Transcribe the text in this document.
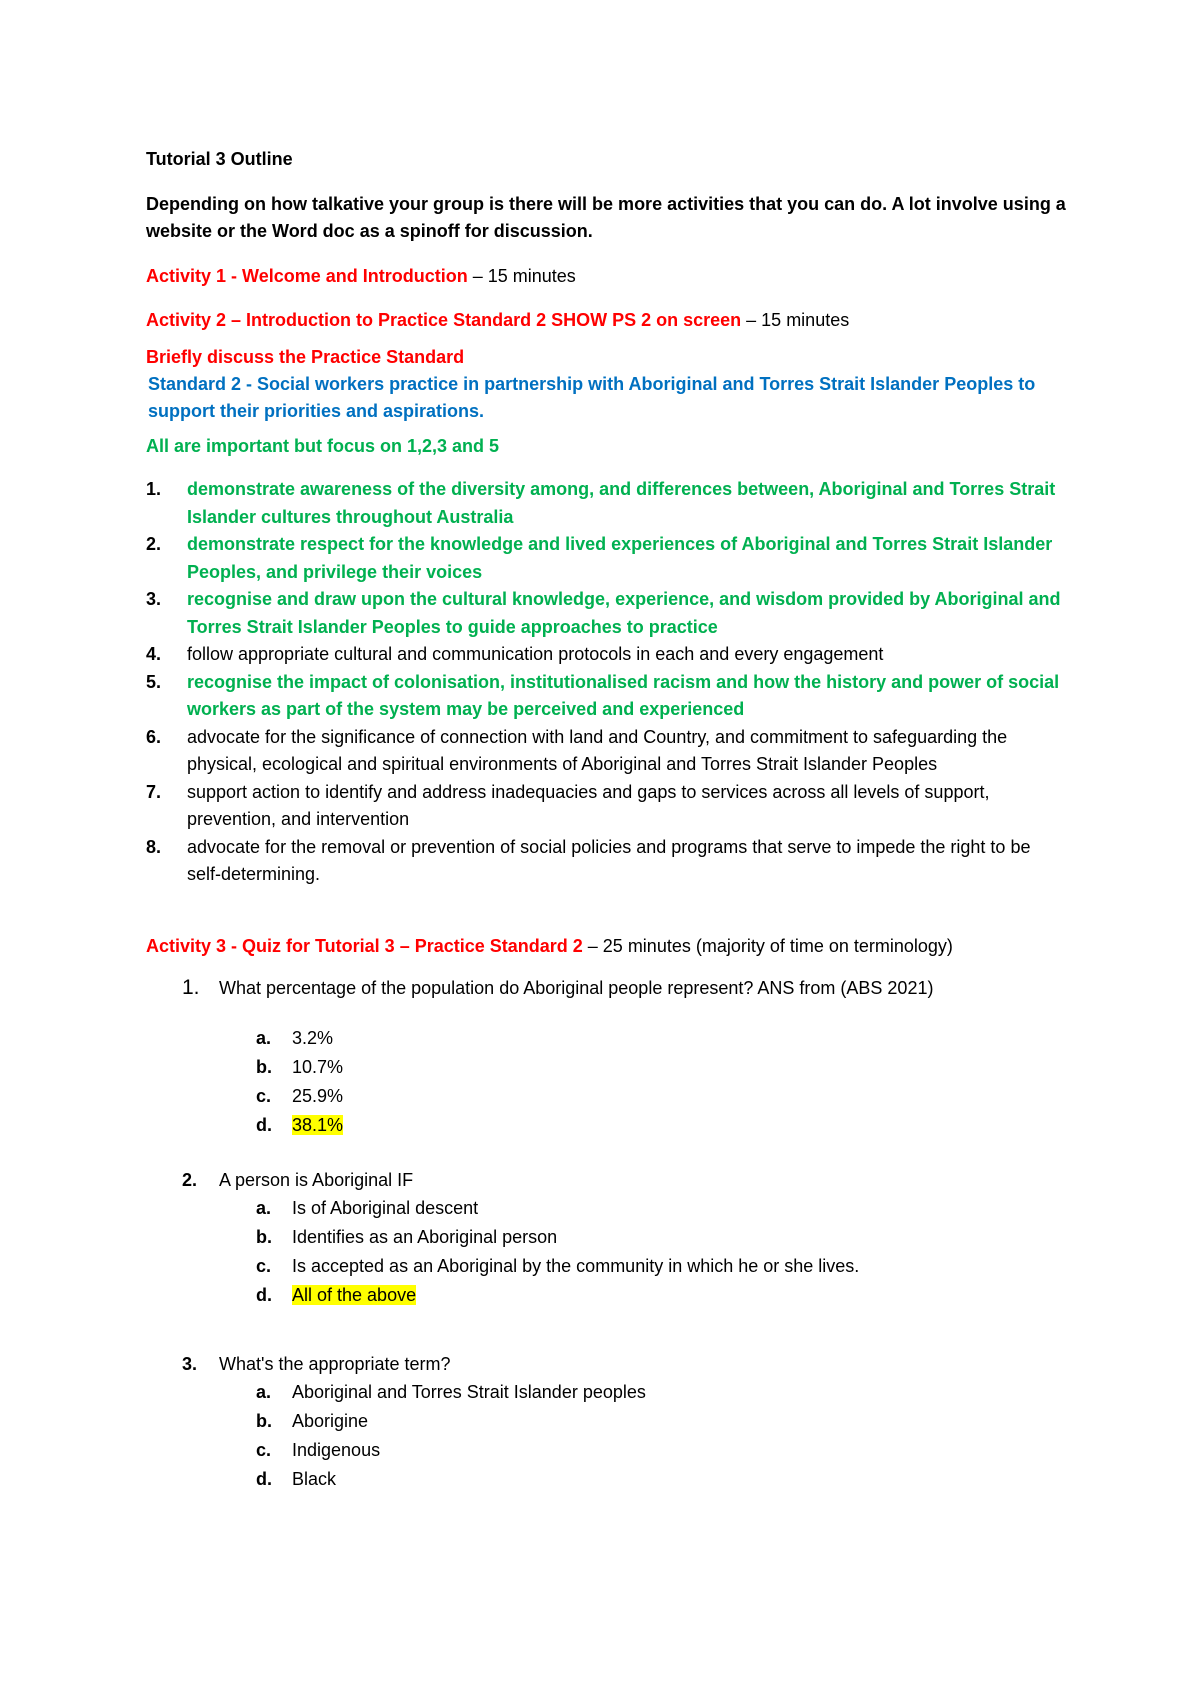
Tutorial 3 Outline

Depending on how talkative your group is there will be more activities that you can do. A lot involve using a website or the Word doc as a spinoff for discussion.

Activity 1 - Welcome and Introduction – 15 minutes

Activity 2 – Introduction to Practice Standard 2 SHOW PS 2 on screen – 15 minutes

Briefly discuss the Practice Standard

Standard 2 - Social workers practice in partnership with Aboriginal and Torres Strait Islander Peoples to support their priorities and aspirations.

All are important but focus on 1,2,3 and 5

1. demonstrate awareness of the diversity among, and differences between, Aboriginal and Torres Strait Islander cultures throughout Australia
2. demonstrate respect for the knowledge and lived experiences of Aboriginal and Torres Strait Islander Peoples, and privilege their voices
3. recognise and draw upon the cultural knowledge, experience, and wisdom provided by Aboriginal and Torres Strait Islander Peoples to guide approaches to practice
4. follow appropriate cultural and communication protocols in each and every engagement
5. recognise the impact of colonisation, institutionalised racism and how the history and power of social workers as part of the system may be perceived and experienced
6. advocate for the significance of connection with land and Country, and commitment to safeguarding the physical, ecological and spiritual environments of Aboriginal and Torres Strait Islander Peoples
7. support action to identify and address inadequacies and gaps to services across all levels of support, prevention, and intervention
8. advocate for the removal or prevention of social policies and programs that serve to impede the right to be self-determining.

Activity 3 - Quiz for Tutorial 3 – Practice Standard 2 – 25 minutes (majority of time on terminology)

1. What percentage of the population do Aboriginal people represent? ANS from (ABS 2021)
a. 3.2%
b. 10.7%
c. 25.9%
d. 38.1%
2. A person is Aboriginal IF
a. Is of Aboriginal descent
b. Identifies as an Aboriginal person
c. Is accepted as an Aboriginal by the community in which he or she lives.
d. All of the above
3. What's the appropriate term?
a. Aboriginal and Torres Strait Islander peoples
b. Aborigine
c. Indigenous
d. Black
